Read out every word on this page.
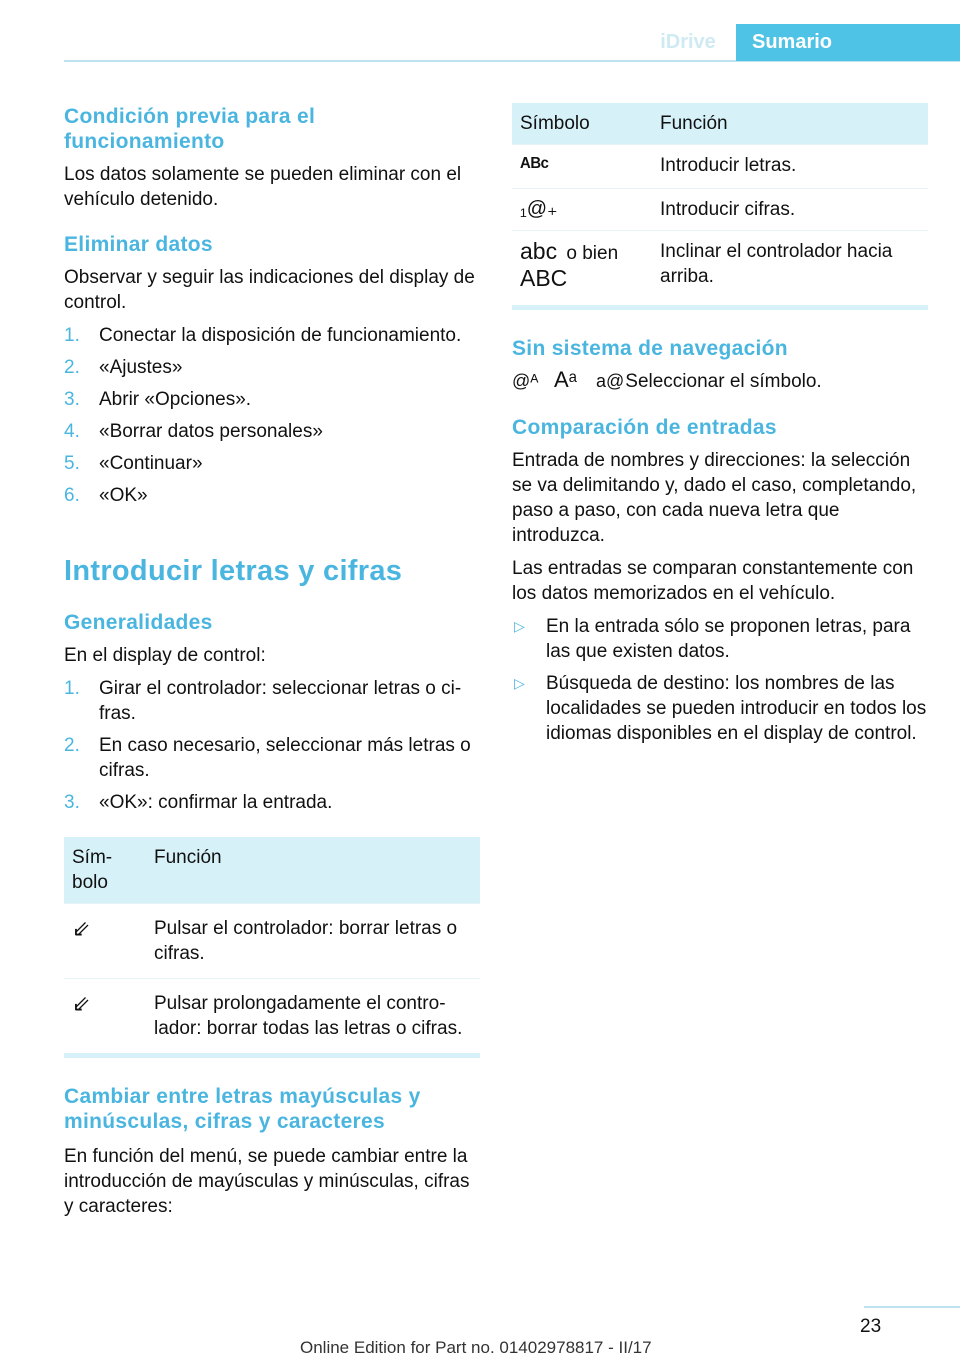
iDrive	Sumario
Condición previa para el funcionamiento

Los datos solamente se pueden eliminar con el vehículo detenido.

Eliminar datos

Observar y seguir las indicaciones del display de control.

1. Conectar la disposición de funcionamiento.
2. «Ajustes»
3. Abrir «Opciones».
4. «Borrar datos personales»
5. «Continuar»
6. «OK»
Introducir letras y cifras
Generalidades

En el display de control:

1. Girar el controlador: seleccionar letras o cifras.
2. En caso necesario, seleccionar más letras o cifras.
3. «OK»: confirmar la entrada.
Símbolo	Función
⇙	Pulsar el controlador: borrar letras o cifras.
⇙	Pulsar prolongadamente el controlador: borrar todas las letras o cifras.
Cambiar entre letras mayúsculas y minúsculas, cifras y caracteres

En función del menú, se puede cambiar entre la introducción de mayúsculas y minúsculas, cifras y caracteres:

Símbolo	Función
ᴬᴮᶜ	Introducir letras.
₁@₊	Introducir cifras.
abc o bien
ABC	Inclinar el controlador hacia arriba.
Sin sistema de navegación
@ᴬ Aᵃ a@ Seleccionar el símbolo.
Comparación de entradas

Entrada de nombres y direcciones: la selección se va delimitando y, dado el caso, completando, paso a paso, con cada nueva letra que introduzca.

Las entradas se comparan constantemente con los datos memorizados en el vehículo.

▷ En la entrada sólo se proponen letras, para las que existen datos.
▷ Búsqueda de destino: los nombres de las localidades se pueden introducir en todos los idiomas disponibles en el display de control.
23
Online Edition for Part no. 01402978817 - II/17
